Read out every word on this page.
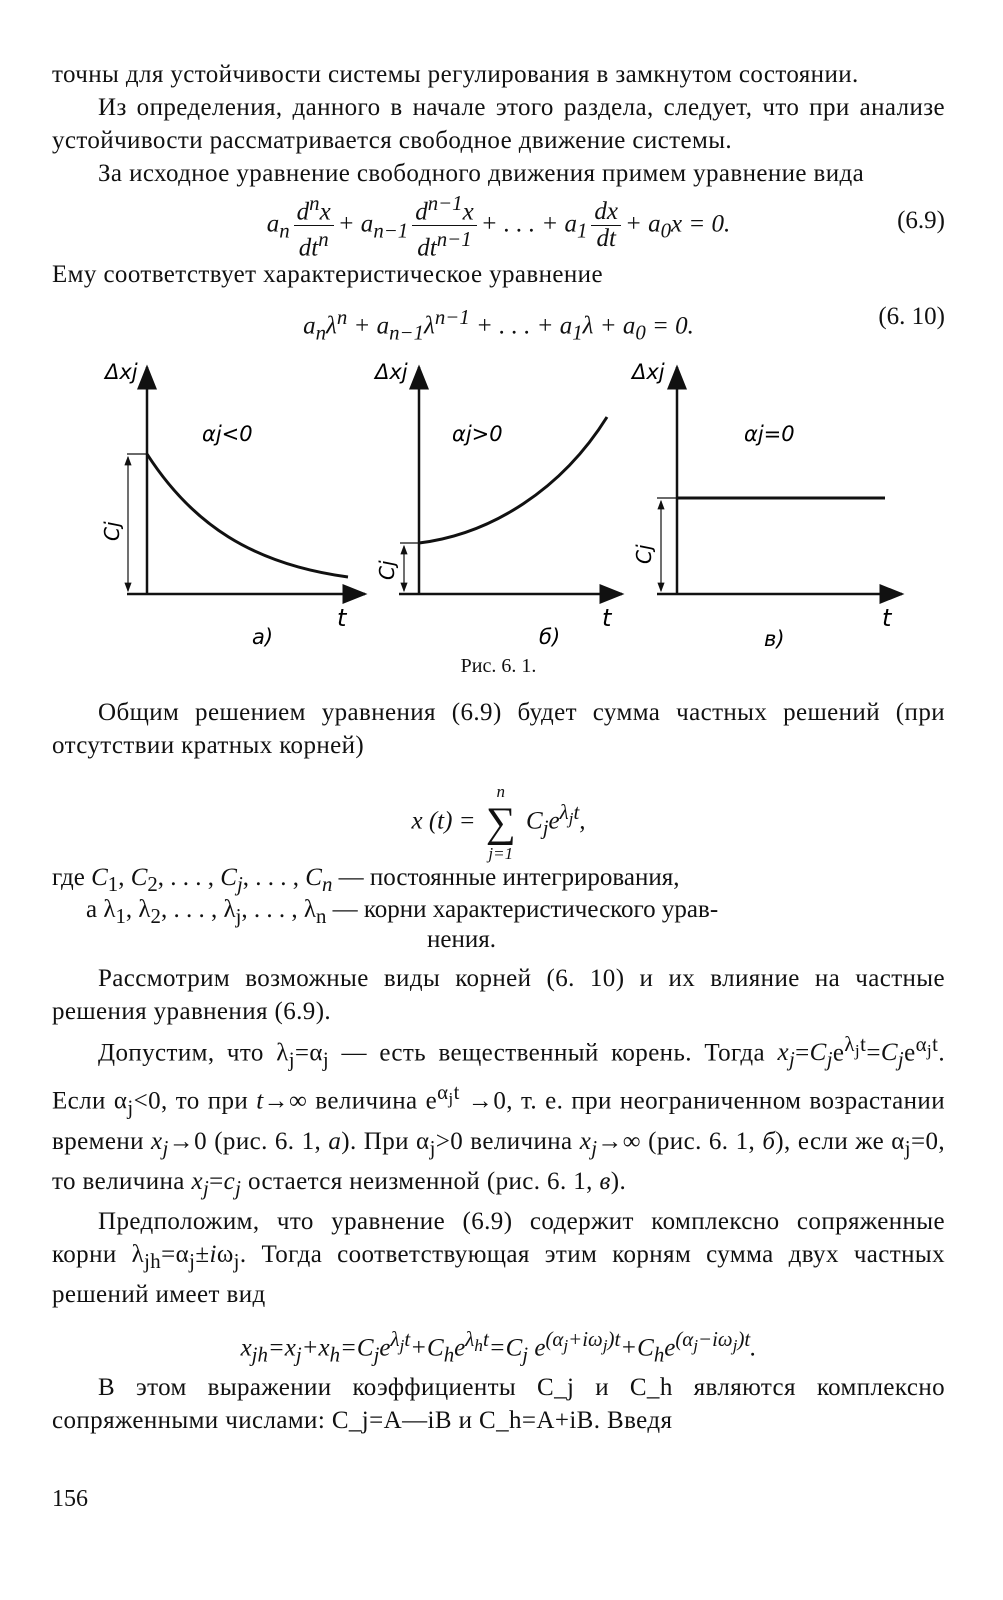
точны для устойчивости системы регулирования в замкнутом состоянии.

Из определения, данного в начале этого раздела, следует, что при анализе устойчивости рассматривается свободное движение системы.

За исходное уравнение свободного движения примем уравнение вида

$a_n \frac{d^nx}{dt^n} + a_{n-1} \frac{d^{n-1}x}{dt^{n-1}}$ + . . . + $a_1 \frac{dx}{dt} + a_0x = 0$.	(6.9)

Ему соответствует характеристическое уравнение

$a_n\lambda^n + a_{n-1}\lambda^{n-1}$ + . . . + $a_1\lambda + a_0 = 0$.	(6. 10)
Δxj
αj<0
Cj
t
а)
Δxj
αj>0
Cj
t
б)
Δxj
αj=0
Cj
t
в)
Рис. 6. 1.

Общим решением уравнения (6.9) будет сумма частных решений (при отсутствии кратных корней)

x (t) =
n
∑
j=1
$C_je^{\lambda_jt}$,
где $C_1$, $C_2$, . . . , $C_j$, . . . , $C_n$ — постоянные интегрирования,
а $\lambda_1$, $\lambda_2$, . . . , $\lambda_j$, . . . , $\lambda_n$ — корни характеристического урав-
нения.

Рассмотрим возможные виды корней (6. 10) и их влияние на частные решения уравнения (6.9).

Допустим, что $\lambda_j=\alpha_j$ — есть вещественный корень. Тогда $x_j=C_je^{\lambda_jt}=C_je^{\alpha_jt}$. Если $\alpha_j<0$, то при t→∞ величина $e^{\alpha_jt} \to 0$, т. е. при неограниченном возрастании времени $x_j\to 0$ (рис. 6. 1, а). При $\alpha_j>0$ величина $x_j\to\infty$ (рис. 6. 1, б), если же $\alpha_j=0$, то величина $x_j=c_j$ остается неизменной (рис. 6. 1, в).

Предположим, что уравнение (6.9) содержит комплексно сопряженные корни $\lambda_{jh}=\alpha_j\pm i\omega_j$. Тогда соответствующая этим корням сумма двух частных решений имеет вид

$x_{jh}=x_j+x_h=C_je^{\lambda_jt}+C_he^{\lambda_ht}=C_j$ $e^{(\alpha_j+i\omega_j)t}+C_he^{(\alpha_j-i\omega_j)t}$.

В этом выражении коэффициенты C_j и C_h являются комплексно сопряженными числами: C_j=A—iB и C_h=A+iB. Введя

156
